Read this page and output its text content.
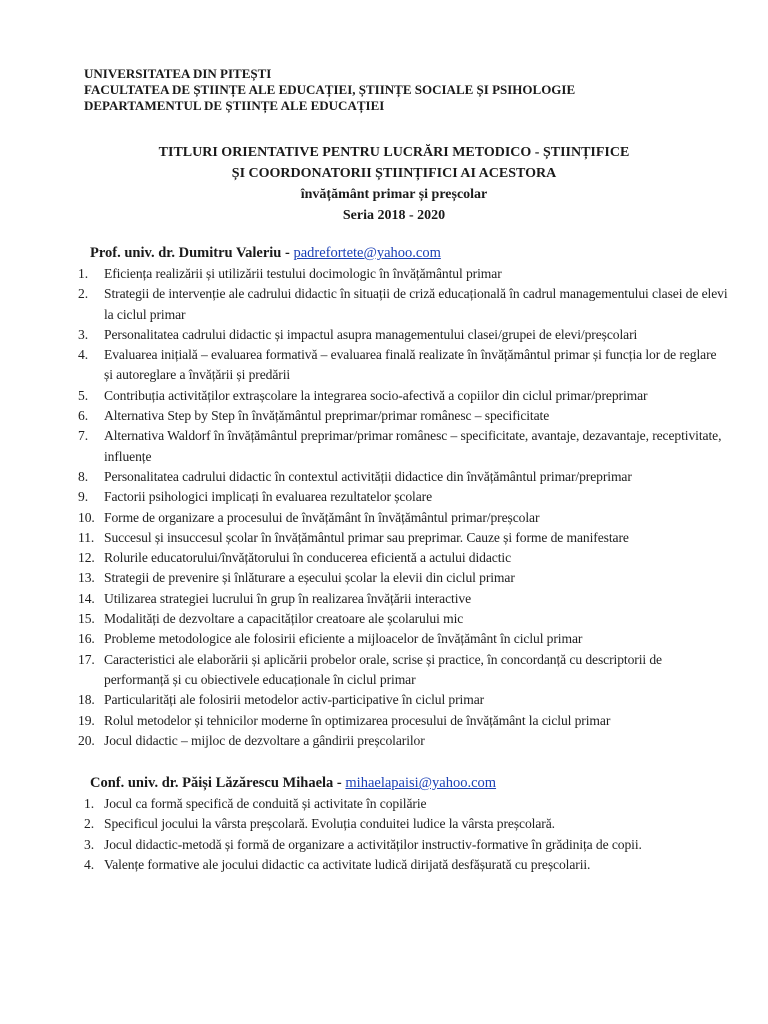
UNIVERSITATEA DIN PITEȘTI
FACULTATEA DE ȘTIINȚE ALE EDUCAȚIEI, ȘTIINȚE SOCIALE ȘI PSIHOLOGIE
DEPARTAMENTUL DE ȘTIINȚE ALE EDUCAȚIEI
TITLURI ORIENTATIVE PENTRU LUCRĂRI METODICO - ȘTIINȚIFICE
ȘI COORDONATORII ȘTIINȚIFICI AI ACESTORA
învățământ primar și preșcolar
Seria 2018 - 2020
Prof. univ. dr. Dumitru Valeriu - padrefortete@yahoo.com
1.	Eficiența realizării și utilizării testului docimologic în învățământul primar
2.	Strategii de intervenție ale cadrului didactic în situații de criză educațională în cadrul managementului clasei de elevi la ciclul primar
3.	Personalitatea cadrului didactic și impactul asupra managementului clasei/grupei de elevi/preșcolari
4.	Evaluarea inițială – evaluarea formativă – evaluarea finală realizate în învățământul primar și funcția lor de reglare și autoreglare a învățării și predării
5.	Contribuția activităților extrașcolare la integrarea socio-afectivă a copiilor din ciclul primar/preprimar
6.	Alternativa Step by Step în învățământul preprimar/primar românesc – specificitate
7.	Alternativa Waldorf în învățământul preprimar/primar românesc – specificitate, avantaje, dezavantaje, receptivitate, influențe
8.	Personalitatea cadrului didactic în contextul activității didactice din învățământul primar/preprimar
9.	Factorii psihologici implicați în evaluarea rezultatelor școlare
10. Forme de organizare a procesului de învățământ în învățământul primar/preșcolar
11. Succesul și insuccesul școlar în învățământul primar sau preprimar. Cauze și forme de manifestare
12. Rolurile educatorului/învățătorului în conducerea eficientă a actului didactic
13. Strategii de prevenire și înlăturare a eșecului școlar la elevii din ciclul primar
14. Utilizarea strategiei lucrului în grup în realizarea învățării interactive
15. Modalități de dezvoltare a capacităților creatoare ale școlarului mic
16. Probleme metodologice ale folosirii eficiente a mijloacelor de învățământ în ciclul primar
17. Caracteristici ale elaborării și aplicării probelor orale, scrise și practice, în concordanță cu descriptorii de performanță și cu obiectivele educaționale în ciclul primar
18. Particularități ale folosirii metodelor activ-participative în ciclul primar
19. Rolul metodelor și tehnicilor moderne în optimizarea procesului de învățământ la ciclul primar
20. Jocul didactic – mijloc de dezvoltare a gândirii preșcolarilor
Conf. univ. dr. Păiși Lăzărescu Mihaela - mihaelapaisi@yahoo.com
1. Jocul ca formă specifică de conduită și activitate în copilărie
2. Specificul jocului la vârsta preșcolară. Evoluția conduitei ludice la vârsta preșcolară.
3. Jocul didactic-metodă și formă de organizare a activităților instructiv-formative în grădinița de copii.
4. Valențe formative ale jocului didactic ca activitate ludică dirijată desfășurată cu preșcolarii.
